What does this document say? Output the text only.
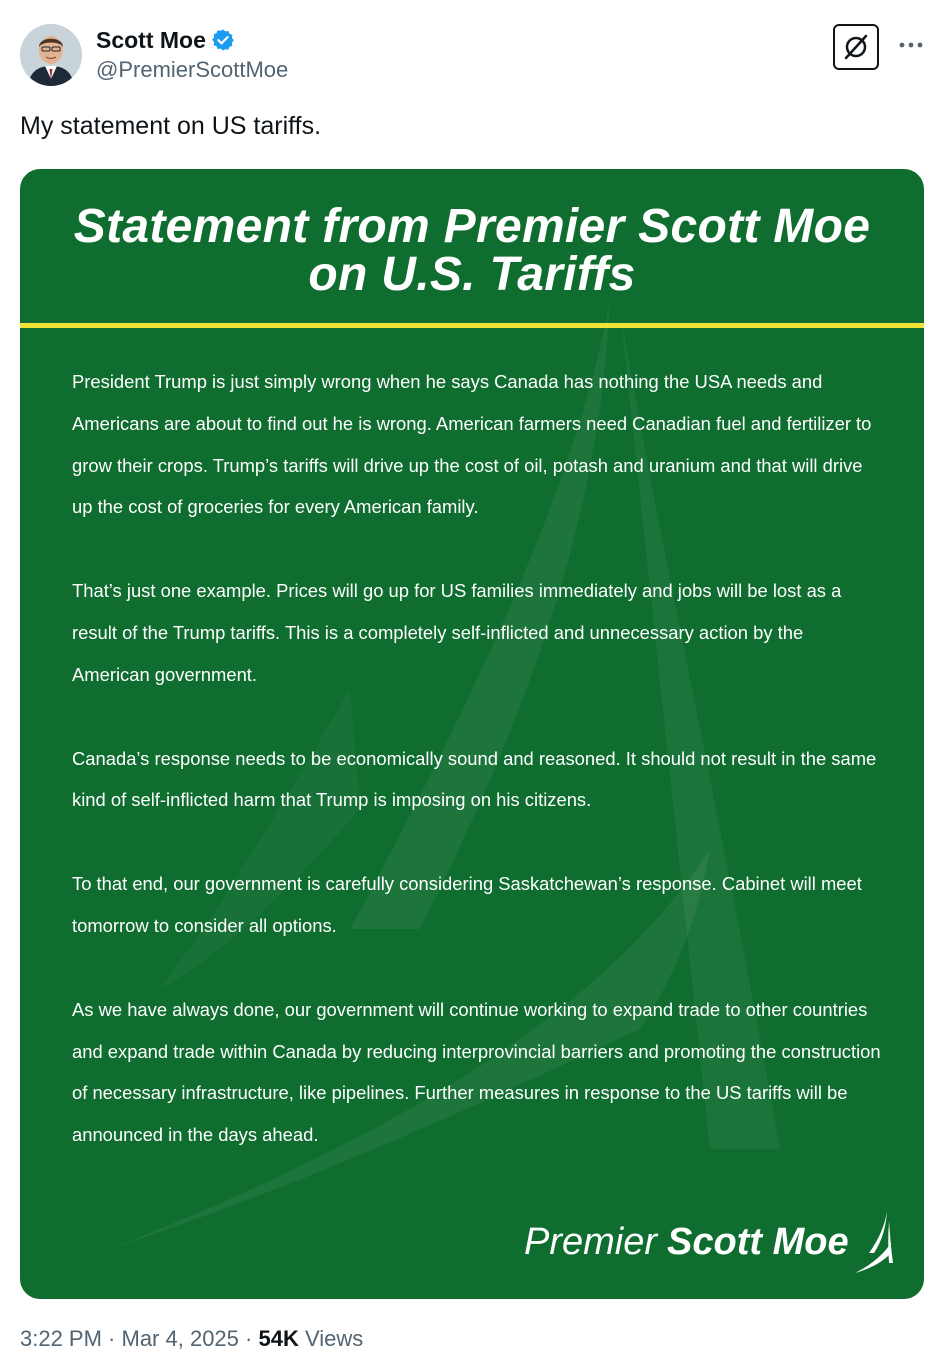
Scott Moe
@PremierScottMoe
My statement on US tariffs.
Statement from Premier Scott Moe
on U.S. Tariffs

President Trump is just simply wrong when he says Canada has nothing the USA needs and Americans are about to find out he is wrong. American farmers need Canadian fuel and fertilizer to grow their crops. Trump’s tariffs will drive up the cost of oil, potash and uranium and that will drive up the cost of groceries for every American family.

That’s just one example. Prices will go up for US families immediately and jobs will be lost as a result of the Trump tariffs. This is a completely self-inflicted and unnecessary action by the American government.

Canada’s response needs to be economically sound and reasoned. It should not result in the same kind of self-inflicted harm that Trump is imposing on his citizens.

To that end, our government is carefully considering Saskatchewan’s response. Cabinet will meet tomorrow to consider all options.

As we have always done, our government will continue working to expand trade to other countries and expand trade within Canada by reducing interprovincial barriers and promoting the construction of necessary infrastructure, like pipelines. Further measures in response to the US tariffs will be announced in the days ahead.

Premier Scott Moe
3:22 PM · Mar 4, 2025 · 54K Views
